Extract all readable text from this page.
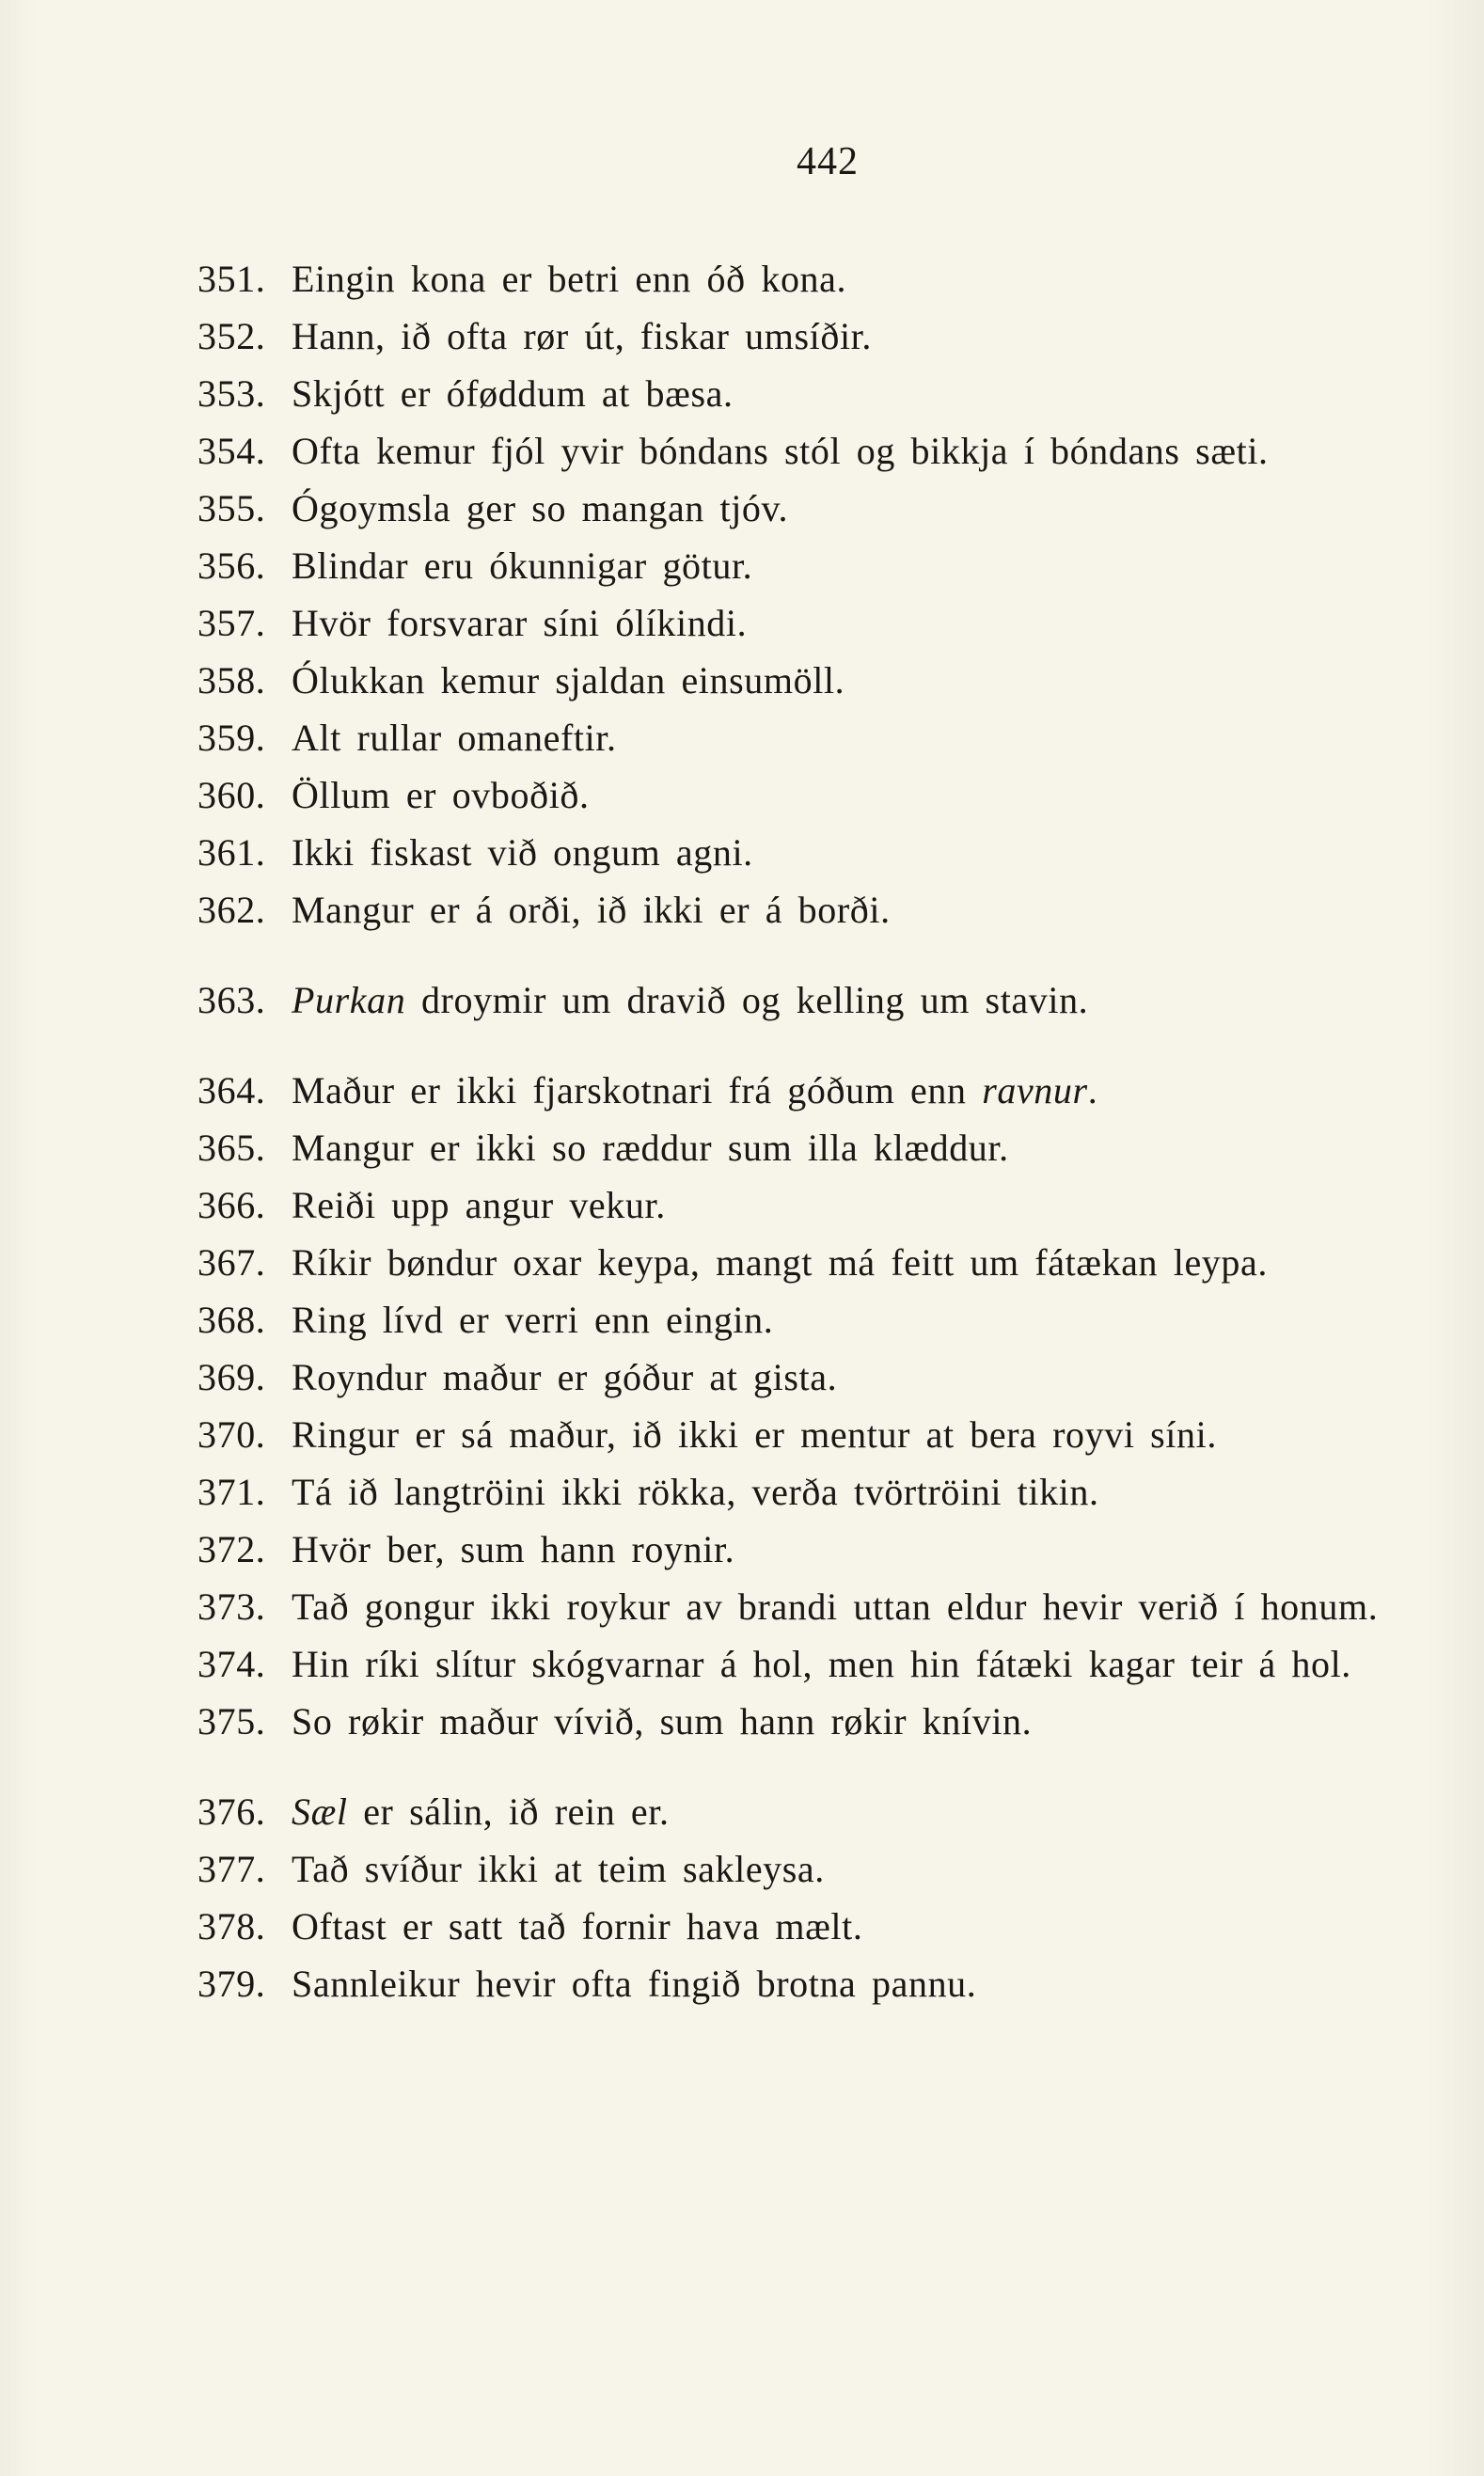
442
351. Eingin kona er betri enn óð kona.
352. Hann, ið ofta rør út, fiskar umsíðir.
353. Skjótt er óføddum at bæsa.
354. Ofta kemur fjól yvir bóndans stól og bikkja í bóndans sæti.
355. Ógoymsla ger so mangan tjóv.
356. Blindar eru ókunnigar gӧtur.
357. Hvӧr forsvarar síni ólíkindi.
358. Ólukkan kemur sjaldan einsumӧll.
359. Alt rullar omaneftir.
360. Ӧllum er ovboðið.
361. Ikki fiskast við ongum agni.
362. Mangur er á orði, ið ikki er á borði.
363. Purkan droymir um dravið og kelling um stavin.
364. Maður er ikki fjarskotnari frá góðum enn ravnur.
365. Mangur er ikki so ræddur sum illa klæddur.
366. Reiði upp angur vekur.
367. Ríkir bøndur oxar keypa, mangt má feitt um fátækan leypa.
368. Ring lívd er verri enn eingin.
369. Royndur maður er góður at gista.
370. Ringur er sá maður, ið ikki er mentur at bera royvi síni.
371. Tá ið langtrӧini ikki rӧkka, verða tvӧrtrӧini tikin.
372. Hvӧr ber, sum hann roynir.
373. Tað gongur ikki roykur av brandi uttan eldur hevir verið í honum.
374. Hin ríki slítur skógvarnar á hol, men hin fátæki kagar teir á hol.
375. So røkir maður vívið, sum hann røkir knívin.
376. Sæl er sálin, ið rein er.
377. Tað svíður ikki at teim sakleysa.
378. Oftast er satt tað fornir hava mælt.
379. Sannleikur hevir ofta fingið brotna pannu.
